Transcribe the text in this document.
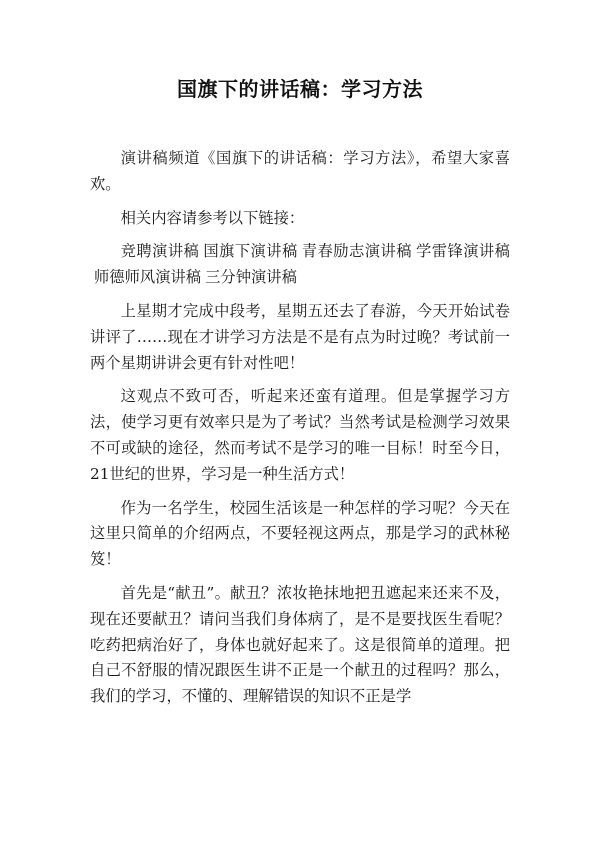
国旗下的讲话稿：学习方法

演讲稿频道《国旗下的讲话稿：学习方法》，希望大家喜欢。

相关内容请参考以下链接：

竞聘演讲稿 国旗下演讲稿 青春励志演讲稿 学雷锋演讲稿师德师风演讲稿 三分钟演讲稿

上星期才完成中段考，星期五还去了春游，今天开始试卷讲评了……现在才讲学习方法是不是有点为时过晚？考试前一两个星期讲讲会更有针对性吧！

这观点不致可否，听起来还蛮有道理。但是掌握学习方法，使学习更有效率只是为了考试？当然考试是检测学习效果不可或缺的途径，然而考试不是学习的唯一目标！时至今日，21世纪的世界，学习是一种生活方式！

作为一名学生，校园生活该是一种怎样的学习呢？今天在这里只简单的介绍两点，不要轻视这两点，那是学习的武林秘笈！

首先是“献丑”。献丑？浓妆艳抹地把丑遮起来还来不及，现在还要献丑？请问当我们身体病了，是不是要找医生看呢？吃药把病治好了，身体也就好起来了。这是很简单的道理。把自己不舒服的情况跟医生讲不正是一个献丑的过程吗？那么，我们的学习，不懂的、理解错误的知识不正是学
